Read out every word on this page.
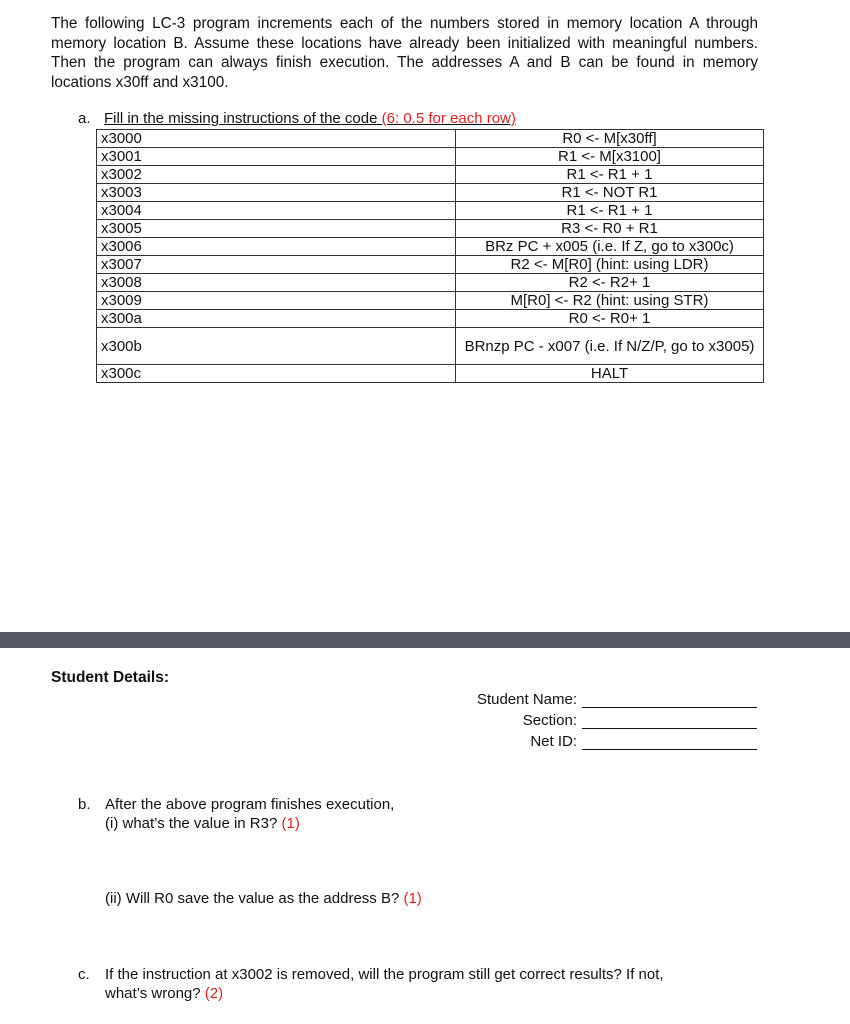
The following LC-3 program increments each of the numbers stored in memory location A through memory location B. Assume these locations have already been initialized with meaningful numbers. Then the program can always finish execution. The addresses A and B can be found in memory locations x30ff and x3100.
a. Fill in the missing instructions of the code (6: 0.5 for each row)
x3000	R0 <- M[x30ff]
x3001	R1 <- M[x3100]
x3002	R1 <- R1 + 1
x3003	R1 <- NOT R1
x3004	R1 <- R1 + 1
x3005	R3 <- R0 + R1
x3006	BRz PC + x005 (i.e. If Z, go to x300c)
x3007	R2 <- M[R0] (hint: using LDR)
x3008	R2 <- R2+ 1
x3009	M[R0] <- R2 (hint: using STR)
x300a	R0 <- R0+ 1
x300b	BRnzp PC - x007 (i.e. If N/Z/P, go to x3005)
x300c	HALT
Student Details:
Student Name:
Section:
Net ID:
b. After the above program finishes execution,
(i) what’s the value in R3? (1)
(ii) Will R0 save the value as the address B? (1)
c. If the instruction at x3002 is removed, will the program still get correct results? If not,
what’s wrong? (2)
